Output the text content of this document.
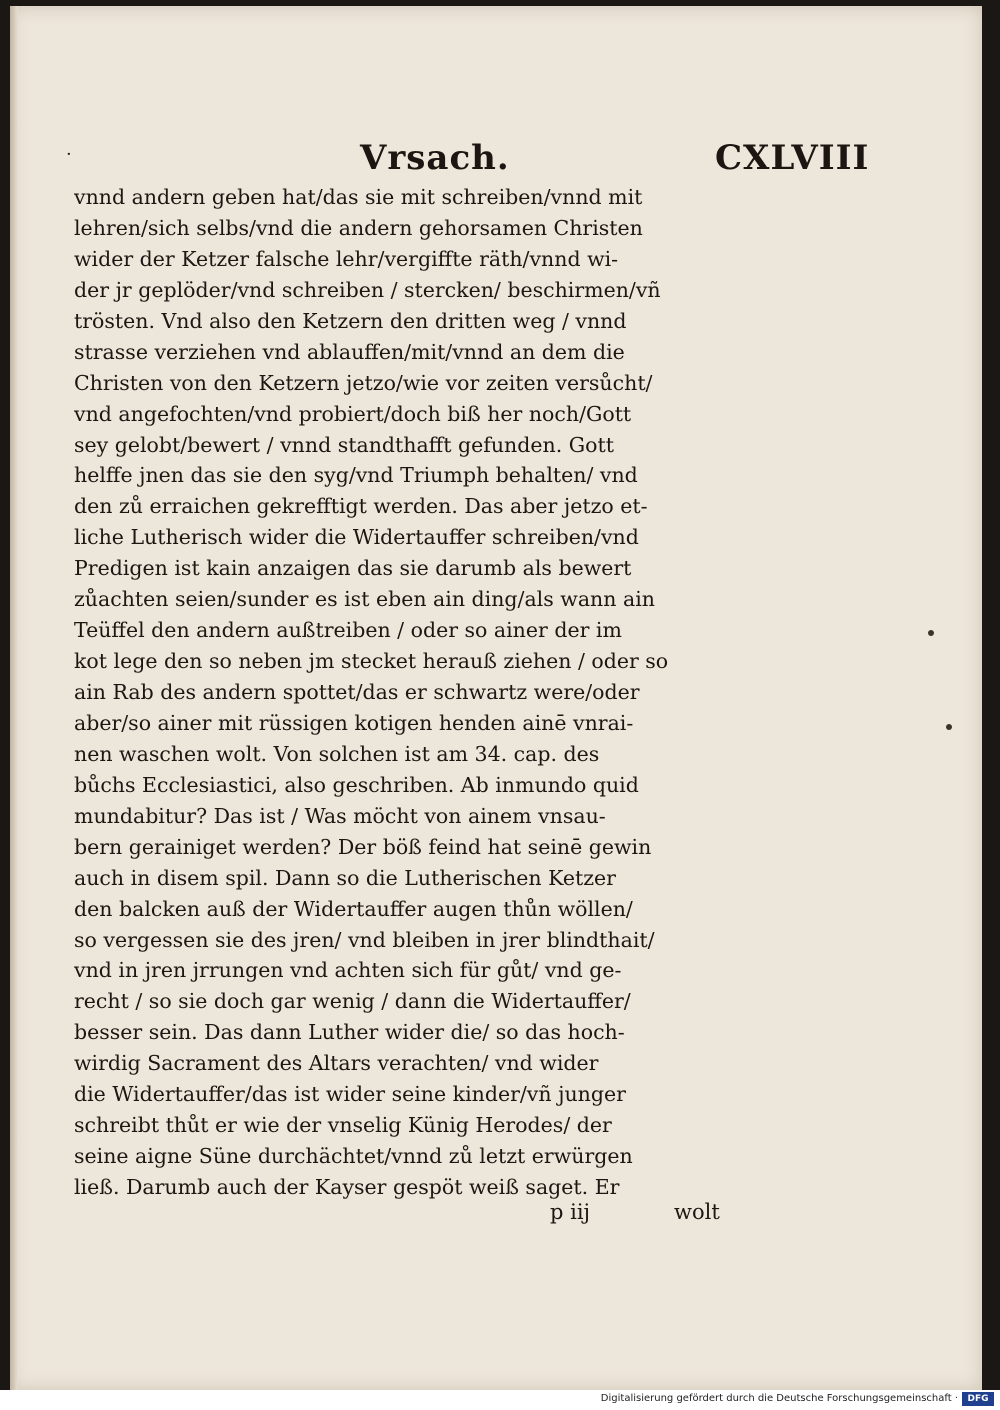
·	Vrsach.	CXLVIII
vnnd andern geben hat/das sie mit schreiben/vnnd mit
lehren/sich selbs/vnd die andern gehorsamen Christen
wider der Ketzer falsche lehr/vergiffte räth/vnnd wi-
der jr geplöder/vnd schreiben / stercken/ beschirmen/vñ
trösten. Vnd also den Ketzern den dritten weg / vnnd
strasse verziehen vnd ablauffen/mit/vnnd an dem die
Christen von den Ketzern jetzo/wie vor zeiten versůcht/
vnd angefochten/vnd probiert/doch biß her noch/Gott
sey gelobt/bewert / vnnd standthafft gefunden. Gott
helffe jnen das sie den syg/vnd Triumph behalten/ vnd
den zů erraichen gekrefftigt werden. Das aber jetzo et-
liche Lutherisch wider die Widertauffer schreiben/vnd
Predigen ist kain anzaigen das sie darumb als bewert
zůachten seien/sunder es ist eben ain ding/als wann ain
Teüffel den andern außtreiben / oder so ainer der im
kot lege den so neben jm stecket herauß ziehen / oder so
ain Rab des andern spottet/das er schwartz were/oder
aber/so ainer mit rüssigen kotigen henden ainē vnrai-
nen waschen wolt. Von solchen ist am 34. cap. des
bůchs Ecclesiastici, also geschriben. Ab inmundo quid
mundabitur? Das ist / Was möcht von ainem vnsau-
bern gerainiget werden? Der böß feind hat seinē gewin
auch in disem spil. Dann so die Lutherischen Ketzer
den balcken auß der Widertauffer augen thůn wöllen/
so vergessen sie des jren/ vnd bleiben in jrer blindthait/
vnd in jren jrrungen vnd achten sich für gůt/ vnd ge-
recht / so sie doch gar wenig / dann die Widertauffer/
besser sein. Das dann Luther wider die/ so das hoch-
wirdig Sacrament des Altars verachten/ vnd wider
die Widertauffer/das ist wider seine kinder/vñ junger
schreibt thůt er wie der vnselig Künig Herodes/ der
seine aigne Süne durchächtet/vnnd zů letzt erwürgen
ließ. Darumb auch der Kayser gespöt weiß saget. Er
p iij	wolt
Digitalisierung gefördert durch die Deutsche Forschungsgemeinschaft ·	DFG
